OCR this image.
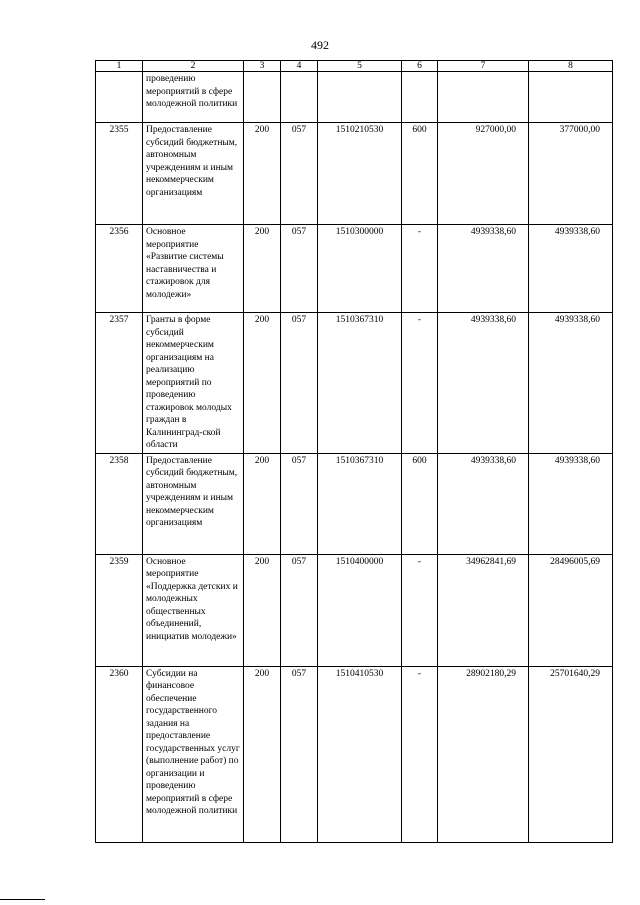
492
1	2	3	4	5	6	7	8
	проведению мероприятий в сфере молодежной политики						
2355	Предоставление субсидий бюджетным, автономным учреждениям и иным некоммерческим организациям	200	057	1510210530	600	927000,00	377000,00
2356	Основное мероприятие «Развитие системы наставничества и стажировок для молодежи»	200	057	1510300000	-	4939338,60	4939338,60
2357	Гранты в форме субсидий некоммерческим организациям на реализацию мероприятий по проведению стажировок молодых граждан в Калининград-ской области	200	057	1510367310	-	4939338,60	4939338,60
2358	Предоставление субсидий бюджетным, автономным учреждениям и иным некоммерческим организациям	200	057	1510367310	600	4939338,60	4939338,60
2359	Основное мероприятие «Поддержка детских и молодежных общественных объединений, инициатив молодежи»	200	057	1510400000	-	34962841,69	28496005,69
2360	Субсидии на финансовое обеспечение государственного задания на предоставление государственных услуг (выполнение работ) по организации и проведению мероприятий в сфере молодежной политики	200	057	1510410530	-	28902180,29	25701640,29
